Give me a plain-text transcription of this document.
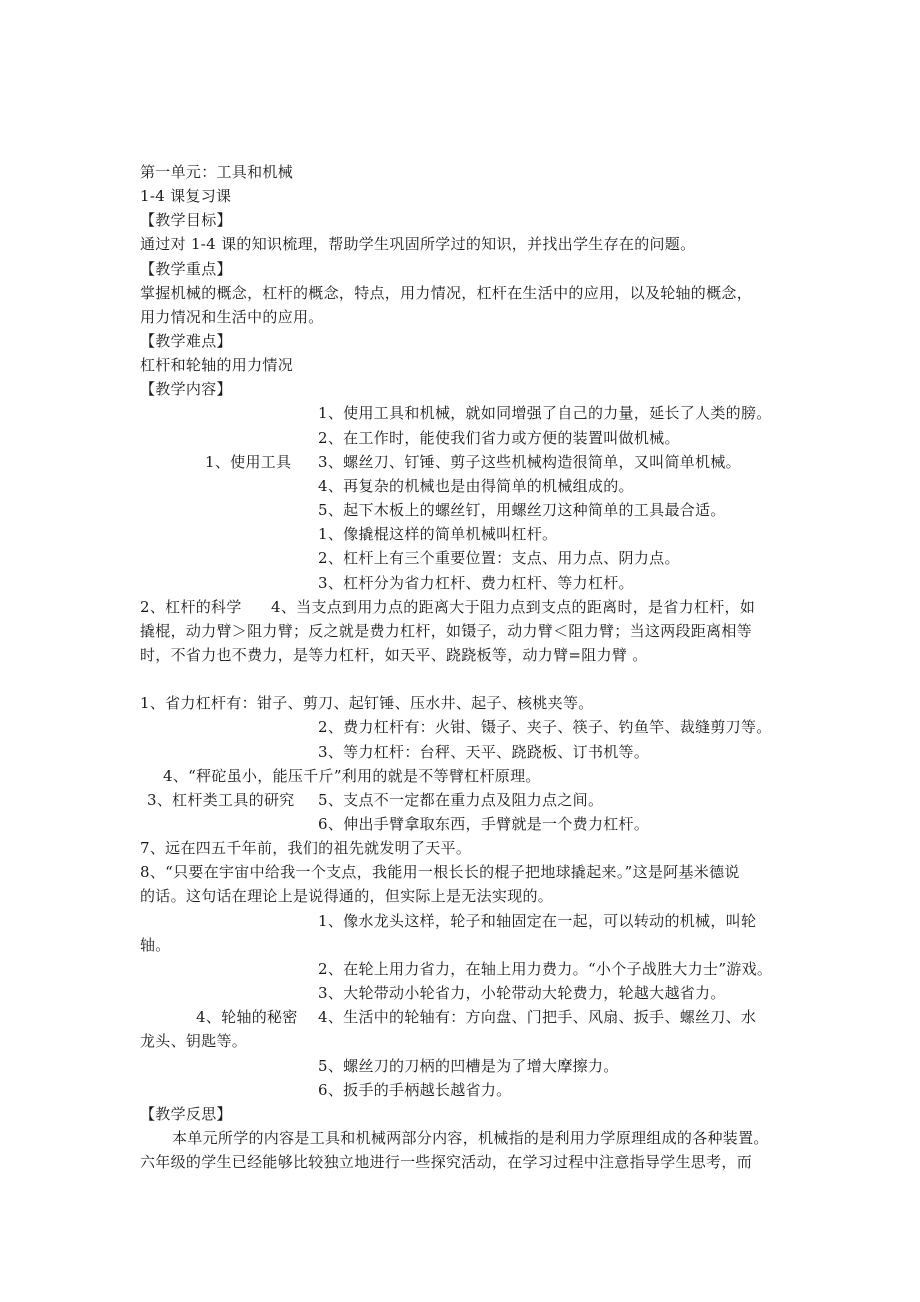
第一单元：工具和机械
1-4 课复习课
【教学目标】
通过对 1-4 课的知识梳理，帮助学生巩固所学过的知识，并找出学生存在的问题。
【教学重点】
掌握机械的概念，杠杆的概念，特点，用力情况，杠杆在生活中的应用，以及轮轴的概念，
用力情况和生活中的应用。
【教学难点】
杠杆和轮轴的用力情况
【教学内容】
1、使用工具和机械，就如同增强了自己的力量，延长了人类的膀。
2、在工作时，能使我们省力或方便的装置叫做机械。
1、使用工具 3、螺丝刀、钉锤、剪子这些机械构造很简单，又叫简单机械。
4、再复杂的机械也是由得简单的机械组成的。
5、起下木板上的螺丝钉，用螺丝刀这种简单的工具最合适。
1、像撬棍这样的简单机械叫杠杆。
2、杠杆上有三个重要位置：支点、用力点、阴力点。
3、杠杆分为省力杠杆、费力杠杆、等力杠杆。
2、杠杆的科学 4、当支点到用力点的距离大于阻力点到支点的距离时，是省力杠杆，如
撬棍，动力臂＞阻力臂；反之就是费力杠杆，如镊子，动力臂＜阻力臂；当这两段距离相等
时，不省力也不费力，是等力杠杆，如天平、跷跷板等，动力臂=阻力臂 。
1、省力杠杆有：钳子、剪刀、起钉锤、压水井、起子、核桃夹等。
2、费力杠杆有：火钳、镊子、夹子、筷子、钓鱼竿、裁缝剪刀等。
3、等力杠杆：台秤、天平、跷跷板、订书机等。
4、“秤砣虽小，能压千斤”利用的就是不等臂杠杆原理。
3、杠杆类工具的研究 5、支点不一定都在重力点及阻力点之间。
6、伸出手臂拿取东西，手臂就是一个费力杠杆。
7、远在四五千年前，我们的祖先就发明了天平。
8、“只要在宇宙中给我一个支点，我能用一根长长的棍子把地球撬起来。”这是阿基米德说
的话。这句话在理论上是说得通的，但实际上是无法实现的。
1、像水龙头这样，轮子和轴固定在一起，可以转动的机械，叫轮
轴。
2、在轮上用力省力，在轴上用力费力。“小个子战胜大力士”游戏。
3、大轮带动小轮省力，小轮带动大轮费力，轮越大越省力。
4、轮轴的秘密 4、生活中的轮轴有：方向盘、门把手、风扇、扳手、螺丝刀、水
龙头、钥匙等。
5、螺丝刀的刀柄的凹槽是为了增大摩擦力。
6、扳手的手柄越长越省力。
【教学反思】
本单元所学的内容是工具和机械两部分内容，机械指的是利用力学原理组成的各种装置。
六年级的学生已经能够比较独立地进行一些探究活动，在学习过程中注意指导学生思考，而
